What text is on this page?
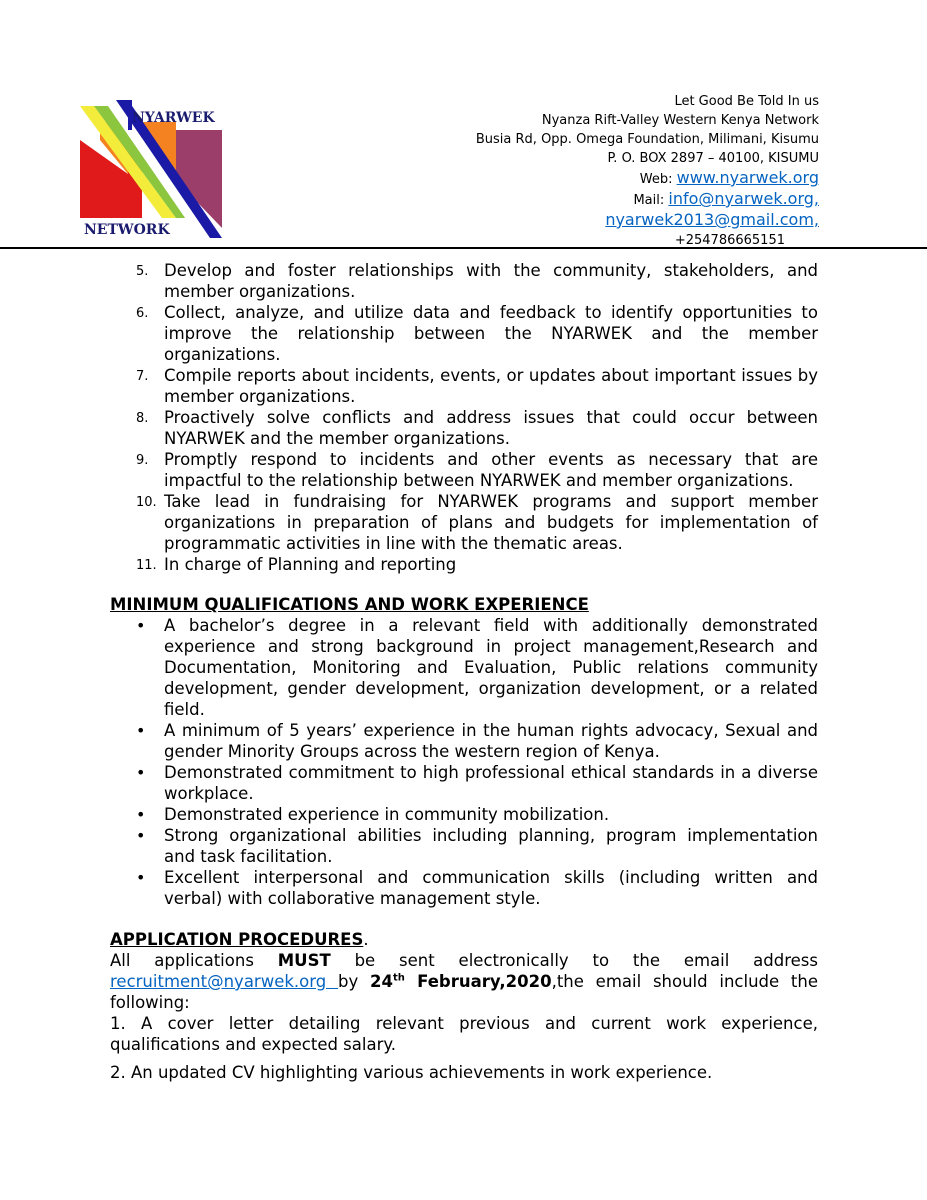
NYARWEK
NETWORK
Let Good Be Told In us
Nyanza Rift-Valley Western Kenya Network
Busia Rd, Opp. Omega Foundation, Milimani, Kisumu
P. O. BOX 2897 – 40100, KISUMU
Web: www.nyarwek.org
Mail: info@nyarwek.org,
nyarwek2013@gmail.com,
+254786665151
5. Develop and foster relationships with the community, stakeholders, and member organizations.
6. Collect, analyze, and utilize data and feedback to identify opportunities to improve the relationship between the NYARWEK and the member organizations.
7. Compile reports about incidents, events, or updates about important issues by member organizations.
8. Proactively solve conflicts and address issues that could occur between NYARWEK and the member organizations.
9. Promptly respond to incidents and other events as necessary that are impactful to the relationship between NYARWEK and member organizations.
10. Take lead in fundraising for NYARWEK programs and support member organizations in preparation of plans and budgets for implementation of programmatic activities in line with the thematic areas.
11. In charge of Planning and reporting
MINIMUM QUALIFICATIONS AND WORK EXPERIENCE
• A bachelor’s degree in a relevant field with additionally demonstrated experience and strong background in project management,Research and Documentation, Monitoring and Evaluation, Public relations community development, gender development, organization development, or a related field.
• A minimum of 5 years’ experience in the human rights advocacy, Sexual and gender Minority Groups across the western region of Kenya.
• Demonstrated commitment to high professional ethical standards in a diverse workplace.
• Demonstrated experience in community mobilization.
• Strong organizational abilities including planning, program implementation and task facilitation.
• Excellent interpersonal and communication skills (including written and verbal) with collaborative management style.
APPLICATION PROCEDURES.
All applications MUST be sent electronically to the email address recruitment@nyarwek.org by 24th February,2020,the email should include the following:
1. A cover letter detailing relevant previous and current work experience, qualifications and expected salary.
2. An updated CV highlighting various achievements in work experience.
